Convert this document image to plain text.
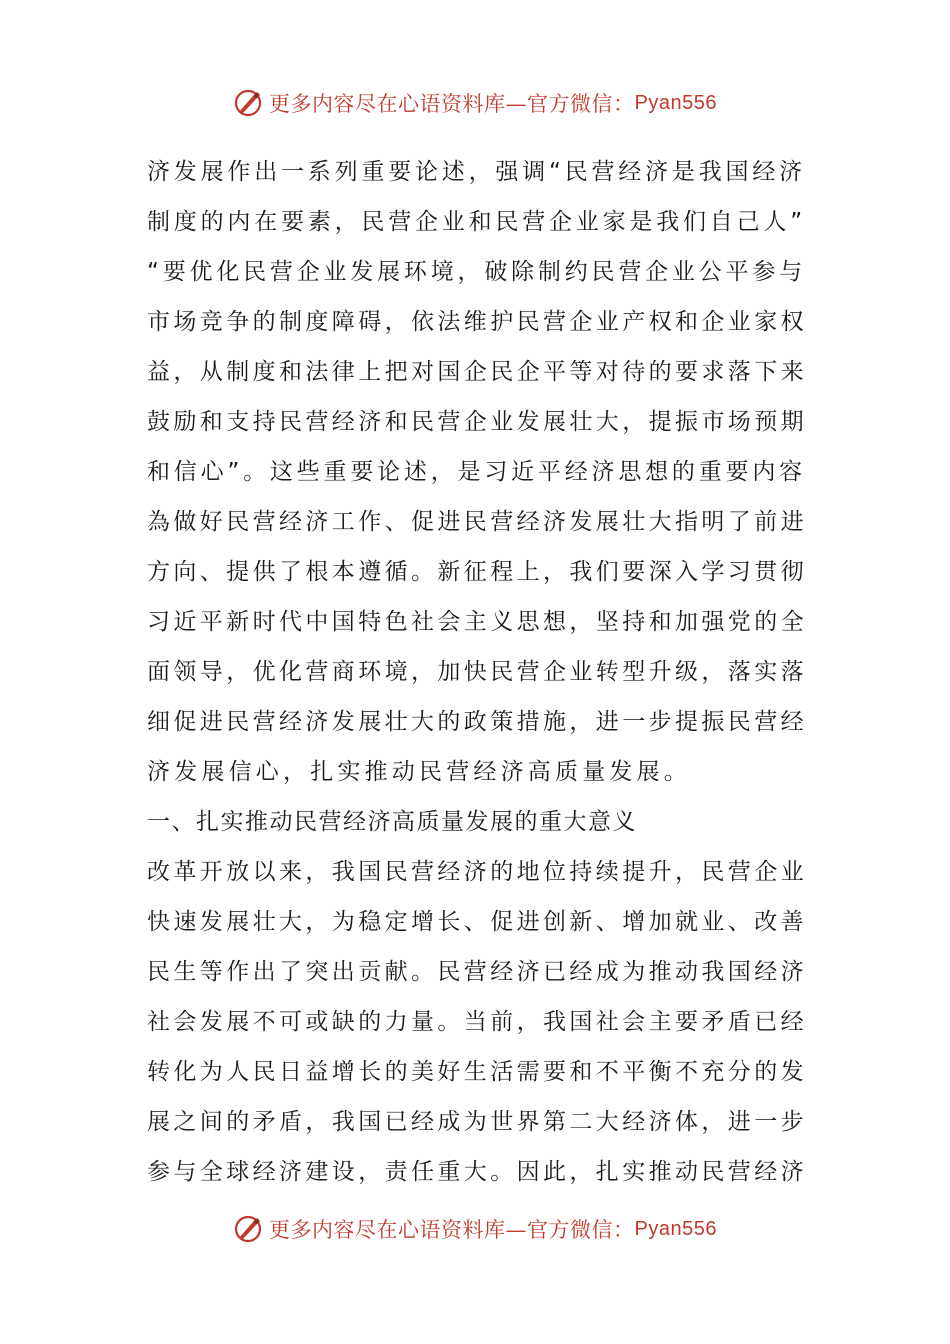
更多内容尽在心语资料库—官方微信： Pyan556
济发展作出一系列重要论述，强调“民营经济是我国经济
制度的内在要素，民营企业和民营企业家是我们自己人”
“要优化民营企业发展环境，破除制约民营企业公平参与
市场竞争的制度障碍，依法维护民营企业产权和企业家权
益，从制度和法律上把对国企民企平等对待的要求落下来
鼓励和支持民营经济和民营企业发展壮大，提振市场预期
和信心”。这些重要论述，是习近平经济思想的重要内容
為做好民营经济工作、促进民营经济发展壮大指明了前进
方向、提供了根本遵循。新征程上，我们要深入学习贯彻
习近平新时代中国特色社会主义思想，坚持和加强党的全
面领导，优化营商环境，加快民营企业转型升级，落实落
细促进民营经济发展壮大的政策措施，进一步提振民营经
济发展信心，扎实推动民营经济高质量发展。
一、扎实推动民营经济高质量发展的重大意义
改革开放以来，我国民营经济的地位持续提升，民营企业
快速发展壮大，为稳定增长、促进创新、增加就业、改善
民生等作出了突出贡献。民营经济已经成为推动我国经济
社会发展不可或缺的力量。当前，我国社会主要矛盾已经
转化为人民日益增长的美好生活需要和不平衡不充分的发
展之间的矛盾，我国已经成为世界第二大经济体，进一步
参与全球经济建设，责任重大。因此，扎实推动民营经济
更多内容尽在心语资料库—官方微信： Pyan556
